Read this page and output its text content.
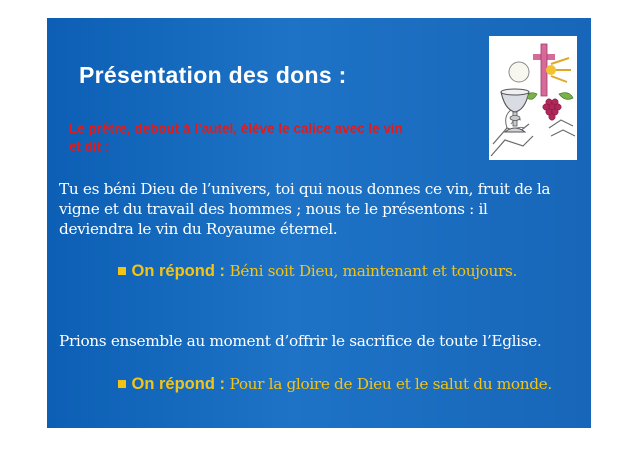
Présentation des dons :
Le prêtre, debout à l’autel, élève le calice avec le vin et dit :
Tu es béni Dieu de l’univers, toi qui nous donnes ce vin, fruit de la vigne et du travail des hommes ; nous te le présentons : il deviendra le vin du Royaume éternel.
■ On répond : Béni soit Dieu, maintenant et toujours.
Prions ensemble au moment d’offrir le sacrifice de toute l’Eglise.
■ On répond : Pour la gloire de Dieu et le salut du monde.
